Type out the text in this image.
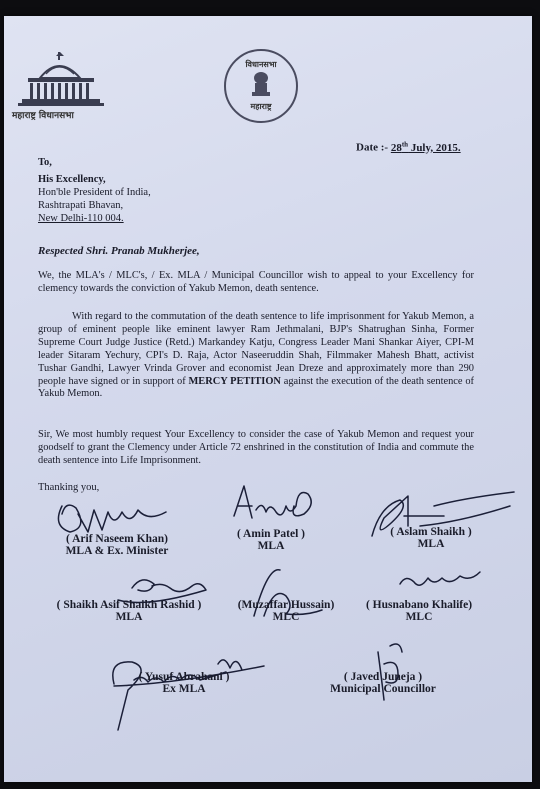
महाराष्ट्र विधानसभा
विधानसभा
महाराष्ट्र
Date :- 28th July, 2015.
To,
His Excellency,
Hon'ble President of India,
Rashtrapati Bhavan,
New Delhi-110 004.
Respected Shri. Pranab Mukherjee,
We, the MLA's / MLC's, / Ex. MLA / Municipal Councillor wish to appeal to your Excellency for clemency towards the conviction of Yakub Memon, death sentence.
With regard to the commutation of the death sentence to life imprisonment for Yakub Memon, a group of eminent people like eminent lawyer Ram Jethmalani, BJP's Shatrughan Sinha, Former Supreme Court Judge Justice (Retd.) Markandey Katju, Congress Leader Mani Shankar Aiyer, CPI-M leader Sitaram Yechury, CPI's D. Raja, Actor Naseeruddin Shah, Filmmaker Mahesh Bhatt, activist Tushar Gandhi, Lawyer Vrinda Grover and economist Jean Dreze and approximately more than 290 people have signed or in support of MERCY PETITION against the execution of the death sentence of Yakub Memon.
Sir, We most humbly request Your Excellency to consider the case of Yakub Memon and request your goodself to grant the Clemency under Article 72 enshrined in the constitution of India and commute the death sentence into Life Imprisonment.
Thanking you,
( Arif Naseem Khan)
MLA & Ex. Minister
( Amin Patel )
MLA
( Aslam Shaikh )
MLA
( Shaikh Asif Shaikh Rashid )
MLA
(Muzaffar Hussain)
MLC
( Husnabano Khalife)
MLC
( Yusuf Abrahani )
Ex MLA
( Javed Juneja )
Municipal Councillor
